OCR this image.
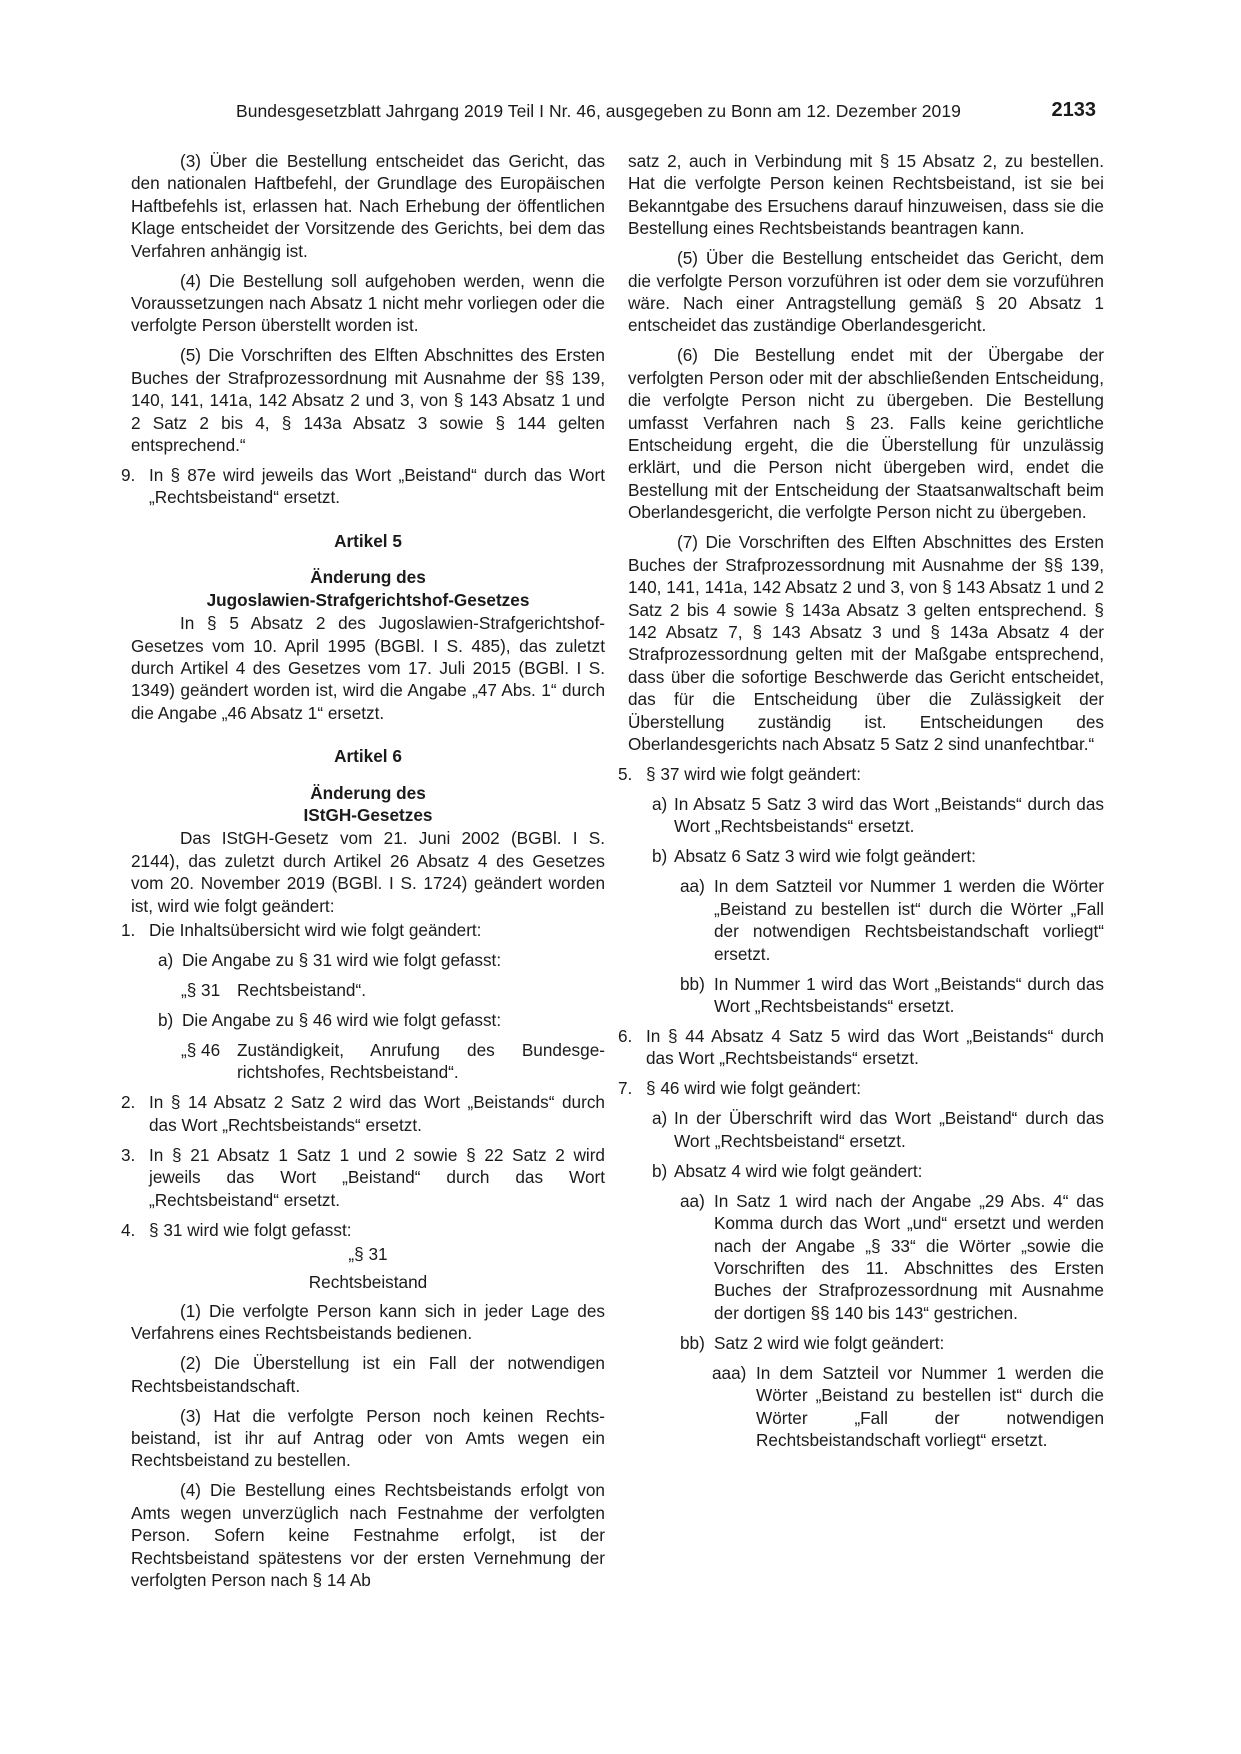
Bundesgesetzblatt Jahrgang 2019 Teil I Nr. 46, ausgegeben zu Bonn am 12. Dezember 2019	2133

(3) Über die Bestellung entscheidet das Gericht, das den nationalen Haftbefehl, der Grundlage des Europäischen Haftbefehls ist, erlassen hat. Nach Erhebung der öffentlichen Klage entscheidet der Vorsitzende des Gerichts, bei dem das Verfahren anhängig ist.

(4) Die Bestellung soll aufgehoben werden, wenn die Voraussetzungen nach Absatz 1 nicht mehr vorliegen oder die verfolgte Person überstellt worden ist.

(5) Die Vorschriften des Elften Abschnittes des Ersten Buches der Strafprozessordnung mit Ausnahme der §§ 139, 140, 141, 141a, 142 Absatz 2 und 3, von § 143 Absatz 1 und 2 Satz 2 bis 4, § 143a Absatz 3 sowie § 144 gelten entsprechend.“

9. In § 87e wird jeweils das Wort „Beistand“ durch das Wort „Rechtsbeistand“ ersetzt.

Artikel 5

Änderung des

Jugoslawien-Strafgerichtshof-Gesetzes

In § 5 Absatz 2 des Jugoslawien-Strafgerichtshof-Gesetzes vom 10. April 1995 (BGBl. I S. 485), das zuletzt durch Artikel 4 des Gesetzes vom 17. Juli 2015 (BGBl. I S. 1349) geändert worden ist, wird die Angabe „47 Abs. 1“ durch die Angabe „46 Absatz 1“ ersetzt.

Artikel 6

Änderung des

IStGH-Gesetzes

Das IStGH-Gesetz vom 21. Juni 2002 (BGBl. I S. 2144), das zuletzt durch Artikel 26 Absatz 4 des Gesetzes vom 20. November 2019 (BGBl. I S. 1724) geändert worden ist, wird wie folgt geändert:

1. Die Inhaltsübersicht wird wie folgt geändert:
a) Die Angabe zu § 31 wird wie folgt gefasst:
„§ 31 Rechtsbeistand“.
b) Die Angabe zu § 46 wird wie folgt gefasst:
„§ 46 Zuständigkeit, Anrufung des Bundesgerichtshofes, Rechtsbeistand“.
2. In § 14 Absatz 2 Satz 2 wird das Wort „Beistands“ durch das Wort „Rechtsbeistands“ ersetzt.
3. In § 21 Absatz 1 Satz 1 und 2 sowie § 22 Satz 2 wird jeweils das Wort „Beistand“ durch das Wort „Rechtsbeistand“ ersetzt.
4. § 31 wird wie folgt gefasst:

„§ 31

Rechtsbeistand

(1) Die verfolgte Person kann sich in jeder Lage des Verfahrens eines Rechtsbeistands bedienen.

(2) Die Überstellung ist ein Fall der notwendigen Rechtsbeistandschaft.

(3) Hat die verfolgte Person noch keinen Rechtsbeistand, ist ihr auf Antrag oder von Amts wegen ein Rechtsbeistand zu bestellen.

(4) Die Bestellung eines Rechtsbeistands erfolgt von Amts wegen unverzüglich nach Festnahme der verfolgten Person. Sofern keine Festnahme erfolgt, ist der Rechtsbeistand spätestens vor der ersten Vernehmung der verfolgten Person nach § 14 Ab

satz 2, auch in Verbindung mit § 15 Absatz 2, zu bestellen. Hat die verfolgte Person keinen Rechtsbeistand, ist sie bei Bekanntgabe des Ersuchens darauf hinzuweisen, dass sie die Bestellung eines Rechtsbeistands beantragen kann.

(5) Über die Bestellung entscheidet das Gericht, dem die verfolgte Person vorzuführen ist oder dem sie vorzuführen wäre. Nach einer Antragstellung gemäß § 20 Absatz 1 entscheidet das zuständige Oberlandesgericht.

(6) Die Bestellung endet mit der Übergabe der verfolgten Person oder mit der abschließenden Entscheidung, die verfolgte Person nicht zu übergeben. Die Bestellung umfasst Verfahren nach § 23. Falls keine gerichtliche Entscheidung ergeht, die die Überstellung für unzulässig erklärt, und die Person nicht übergeben wird, endet die Bestellung mit der Entscheidung der Staatsanwaltschaft beim Oberlandesgericht, die verfolgte Person nicht zu übergeben.

(7) Die Vorschriften des Elften Abschnittes des Ersten Buches der Strafprozessordnung mit Ausnahme der §§ 139, 140, 141, 141a, 142 Absatz 2 und 3, von § 143 Absatz 1 und 2 Satz 2 bis 4 sowie § 143a Absatz 3 gelten entsprechend. § 142 Absatz 7, § 143 Absatz 3 und § 143a Absatz 4 der Strafprozessordnung gelten mit der Maßgabe entsprechend, dass über die sofortige Beschwerde das Gericht entscheidet, das für die Entscheidung über die Zulässigkeit der Überstellung zuständig ist. Entscheidungen des Oberlandesgerichts nach Absatz 5 Satz 2 sind unanfechtbar.“

5. § 37 wird wie folgt geändert:
a) In Absatz 5 Satz 3 wird das Wort „Beistands“ durch das Wort „Rechtsbeistands“ ersetzt.
b) Absatz 6 Satz 3 wird wie folgt geändert:
aa) In dem Satzteil vor Nummer 1 werden die Wörter „Beistand zu bestellen ist“ durch die Wörter „Fall der notwendigen Rechtsbeistandschaft vorliegt“ ersetzt.
bb) In Nummer 1 wird das Wort „Beistands“ durch das Wort „Rechtsbeistands“ ersetzt.
6. In § 44 Absatz 4 Satz 5 wird das Wort „Beistands“ durch das Wort „Rechtsbeistands“ ersetzt.
7. § 46 wird wie folgt geändert:
a) In der Überschrift wird das Wort „Beistand“ durch das Wort „Rechtsbeistand“ ersetzt.
b) Absatz 4 wird wie folgt geändert:
aa) In Satz 1 wird nach der Angabe „29 Abs. 4“ das Komma durch das Wort „und“ ersetzt und werden nach der Angabe „§ 33“ die Wörter „sowie die Vorschriften des 11. Abschnittes des Ersten Buches der Strafprozessordnung mit Ausnahme der dortigen §§ 140 bis 143“ gestrichen.
bb) Satz 2 wird wie folgt geändert:
aaa) In dem Satzteil vor Nummer 1 werden die Wörter „Beistand zu bestellen ist“ durch die Wörter „Fall der notwendigen Rechtsbeistandschaft vorliegt“ ersetzt.
